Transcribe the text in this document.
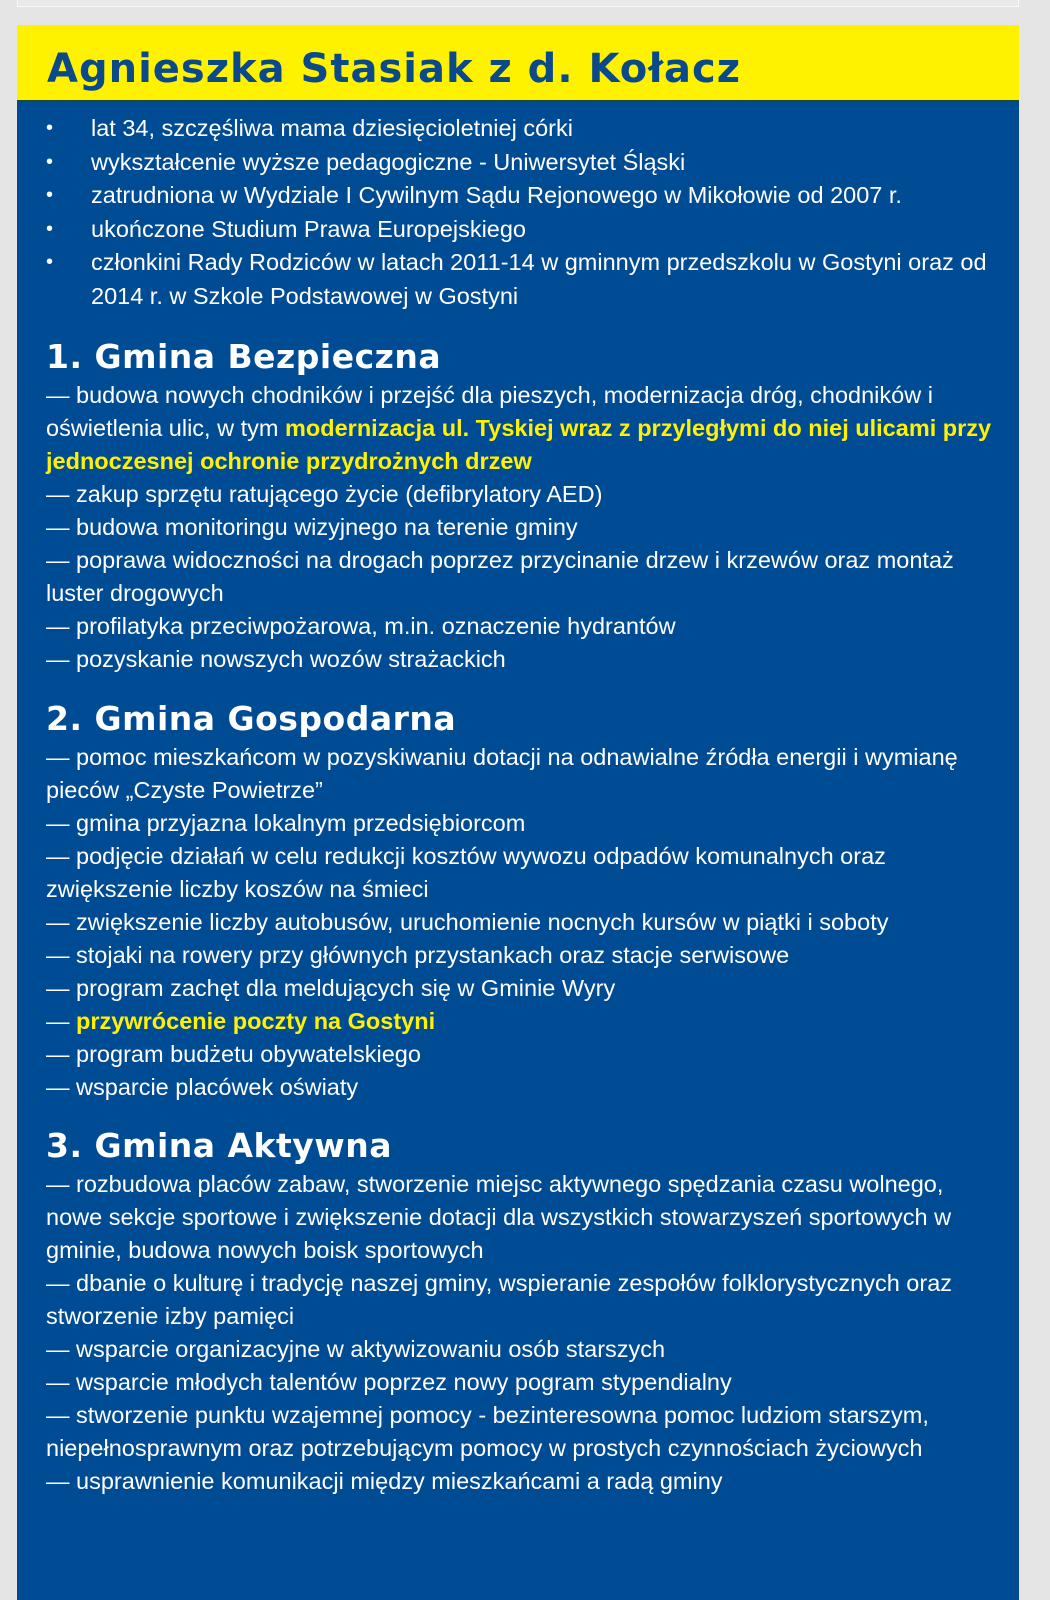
Agnieszka Stasiak z d. Kołacz
• lat 34, szczęśliwa mama dziesięcioletniej córki
• wykształcenie wyższe pedagogiczne - Uniwersytet Śląski
• zatrudniona w Wydziale I Cywilnym Sądu Rejonowego w Mikołowie od 2007 r.
• ukończone Studium Prawa Europejskiego
• członkini Rady Rodziców w latach 2011-14 w gminnym przedszkolu w Gostyni oraz od 2014 r. w Szkole Podstawowej w Gostyni
1. Gmina Bezpieczna

— budowa nowych chodników i przejść dla pieszych, modernizacja dróg, chodników i oświetlenia ulic, w tym modernizacja ul. Tyskiej wraz z przyległymi do niej ulicami przy jednoczesnej ochronie przydrożnych drzew

— zakup sprzętu ratującego życie (defibrylatory AED)

— budowa monitoringu wizyjnego na terenie gminy

— poprawa widoczności na drogach poprzez przycinanie drzew i krzewów oraz montaż luster drogowych

— profilatyka przeciwpożarowa, m.in. oznaczenie hydrantów

— pozyskanie nowszych wozów strażackich

2. Gmina Gospodarna

— pomoc mieszkańcom w pozyskiwaniu dotacji na odnawialne źródła energii i wymianę pieców „Czyste Powietrze”

— gmina przyjazna lokalnym przedsiębiorcom

— podjęcie działań w celu redukcji kosztów wywozu odpadów komunalnych oraz zwiększenie liczby koszów na śmieci

— zwiększenie liczby autobusów, uruchomienie nocnych kursów w piątki i soboty

— stojaki na rowery przy głównych przystankach oraz stacje serwisowe

— program zachęt dla meldujących się w Gminie Wyry

— przywrócenie poczty na Gostyni

— program budżetu obywatelskiego

— wsparcie placówek oświaty

3. Gmina Aktywna

— rozbudowa placów zabaw, stworzenie miejsc aktywnego spędzania czasu wolnego, nowe sekcje sportowe i zwiększenie dotacji dla wszystkich stowarzyszeń sportowych w gminie, budowa nowych boisk sportowych

— dbanie o kulturę i tradycję naszej gminy, wspieranie zespołów folklorystycznych oraz stworzenie izby pamięci

— wsparcie organizacyjne w aktywizowaniu osób starszych

— wsparcie młodych talentów poprzez nowy pogram stypendialny

— stworzenie punktu wzajemnej pomocy - bezinteresowna pomoc ludziom starszym, niepełnosprawnym oraz potrzebującym pomocy w prostych czynnościach życiowych

— usprawnienie komunikacji między mieszkańcami a radą gminy
